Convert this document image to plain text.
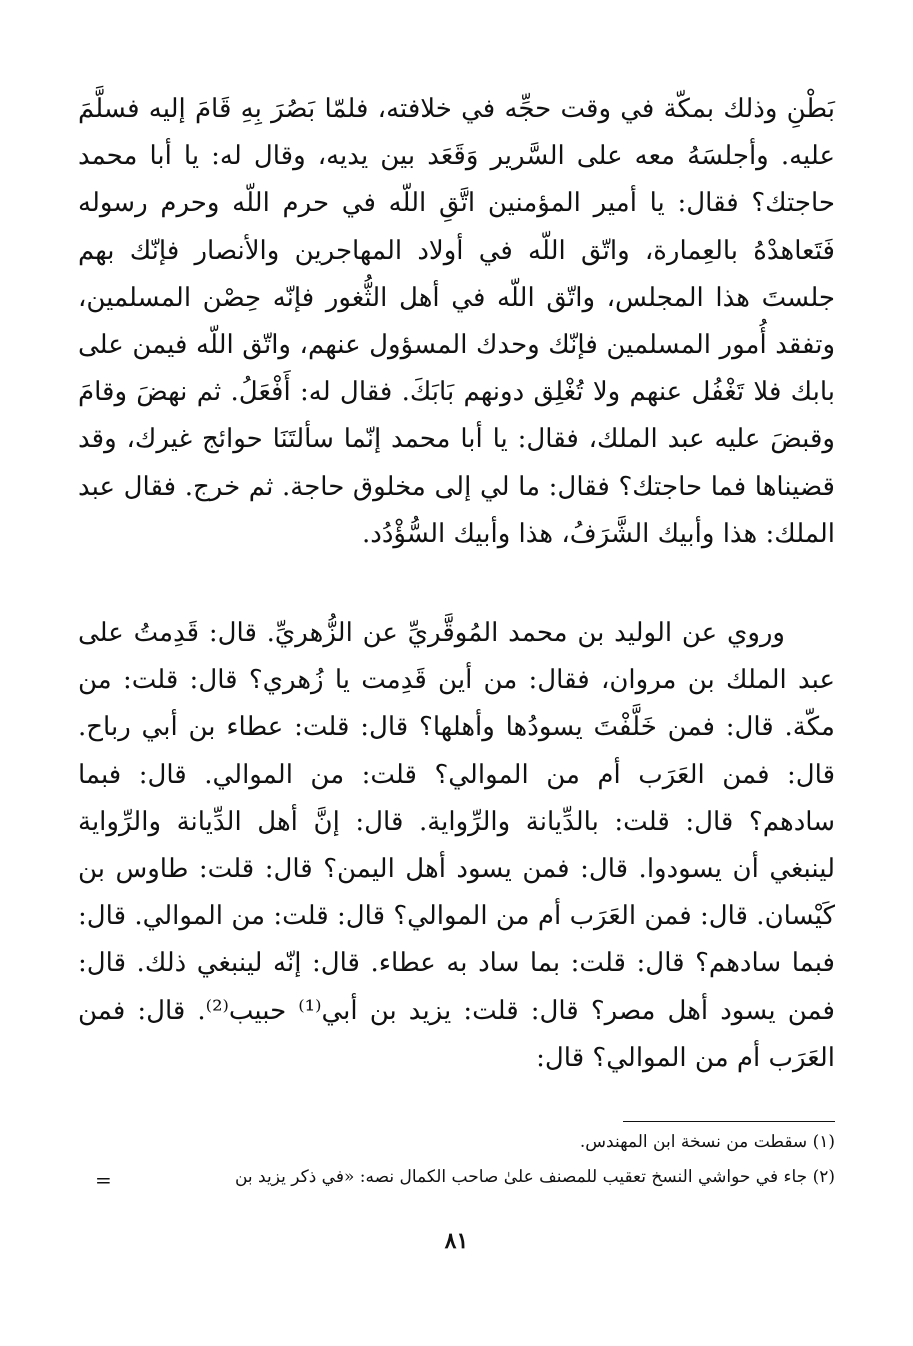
بَطْنِ وذلك بمكّة في وقت حجِّه في خلافته، فلمّا بَصُرَ بِهِ قَامَ إليه فسلَّمَ عليه. وأجلسَهُ معه على السَّرير وَقَعَد بين يديه، وقال له: يا أبا محمد حاجتك؟ فقال: يا أمير المؤمنين اتَّقِ اللّه في حرم اللّه وحرم رسوله فَتَعاهدْهُ بالعِمارة، واتّق اللّه في أولاد المهاجرين والأنصار فإنّك بهم جلستَ هذا المجلس، واتّق اللّه في أهل الثُّغور فإنّه حِصْن المسلمين، وتفقد أُمور المسلمين فإنّك وحدك المسؤول عنهم، واتّق اللّه فيمن على بابك فلا تَغْفُل عنهم ولا تُغْلِق دونهم بَابَكَ. فقال له: أَفْعَلُ. ثم نهضَ وقامَ وقبضَ عليه عبد الملك، فقال: يا أبا محمد إنّما سألتَنَا حوائج غيرك، وقد قضيناها فما حاجتك؟ فقال: ما لي إلى مخلوق حاجة. ثم خرج. فقال عبد الملك: هذا وأبيك الشَّرَفُ، هذا وأبيك السُّؤْدُد.

وروي عن الوليد بن محمد المُوقَّريِّ عن الزُّهريِّ. قال: قَدِمتُ على عبد الملك بن مروان، فقال: من أين قَدِمت يا زُهري؟ قال: قلت: من مكّة. قال: فمن خَلَّفْتَ يسودُها وأهلها؟ قال: قلت: عطاء بن أبي رباح. قال: فمن العَرَب أم من الموالي؟ قلت: من الموالي. قال: فبما سادهم؟ قال: قلت: بالدِّيانة والرِّواية. قال: إنَّ أهل الدِّيانة والرِّواية لينبغي أن يسودوا. قال: فمن يسود أهل اليمن؟ قال: قلت: طاوس بن كَيْسان. قال: فمن العَرَب أم من الموالي؟ قال: قلت: من الموالي. قال: فبما سادهم؟ قال: قلت: بما ساد به عطاء. قال: إنّه لينبغي ذلك. قال: فمن يسود أهل مصر؟ قال: قلت: يزيد بن أبي⁽¹⁾ حبيب⁽²⁾. قال: فمن العَرَب أم من الموالي؟ قال:

(١) سقطت من نسخة ابن المهندس.

(٢) جاء في حواشي النسخ تعقيب للمصنف علىٰ صاحب الكمال نصه: «في ذكر يزيد بن

=
٨١
